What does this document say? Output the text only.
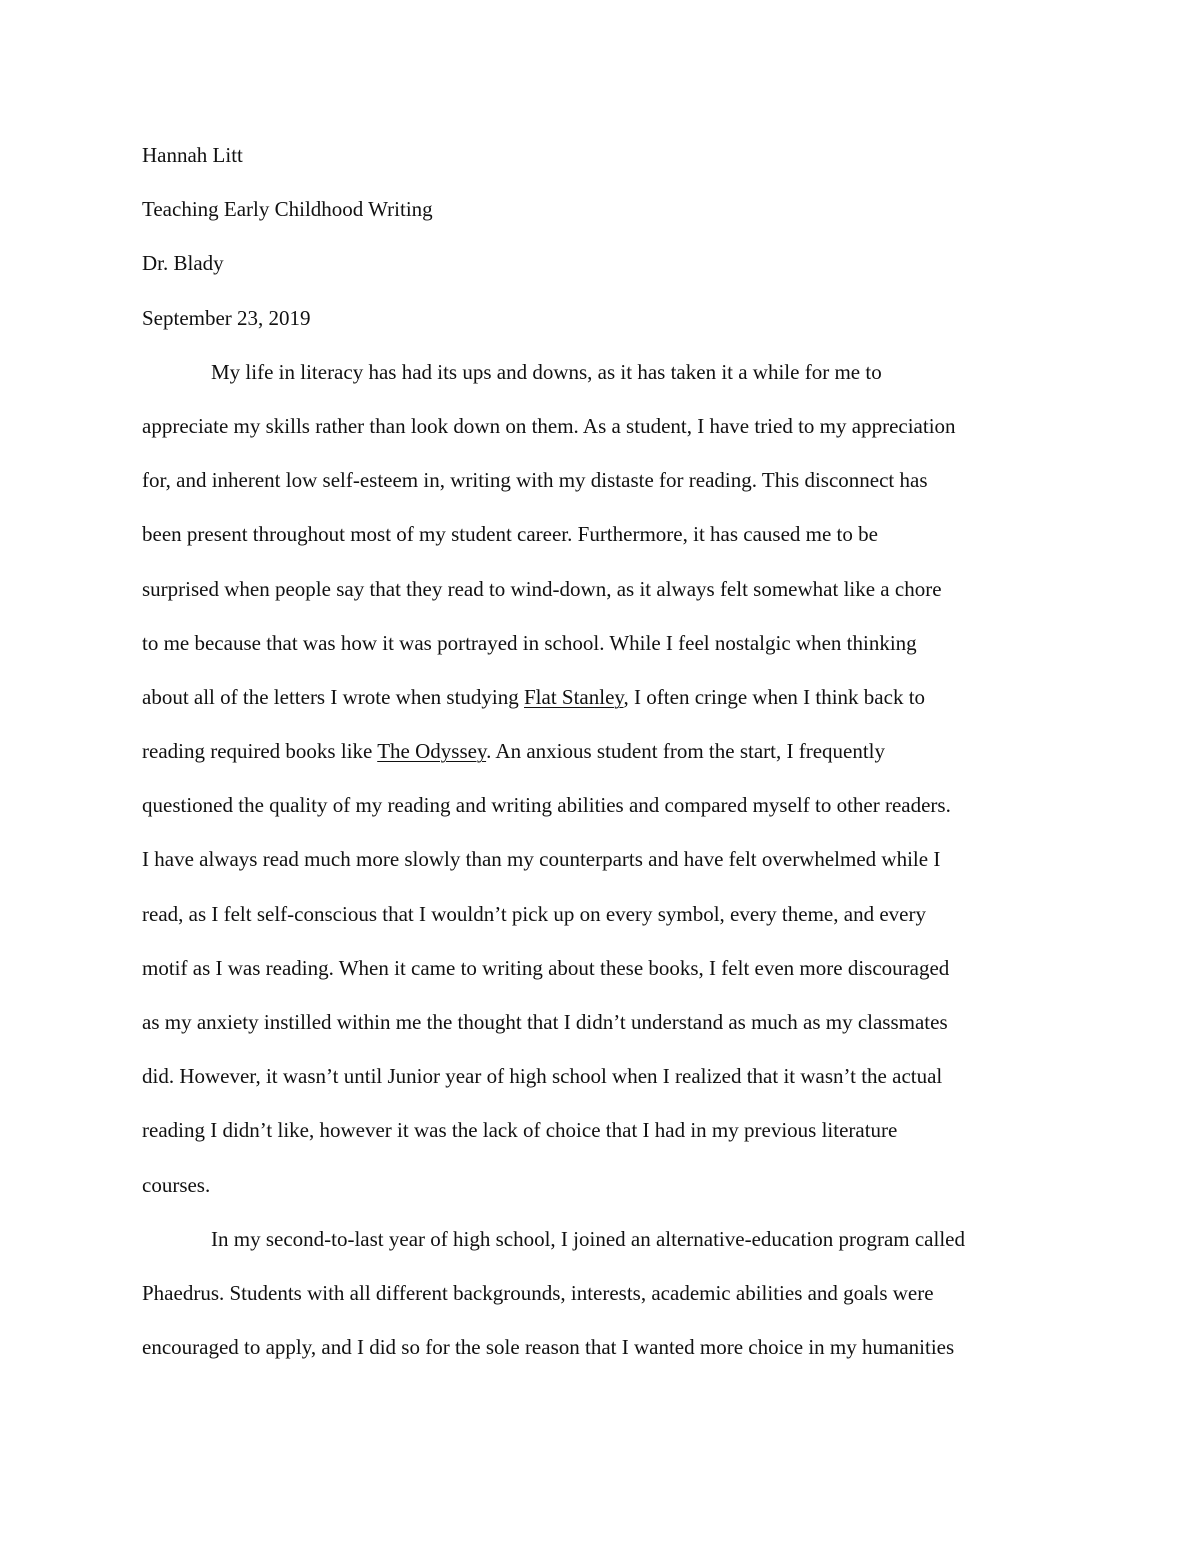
Hannah Litt
Teaching Early Childhood Writing
Dr. Blady
September 23, 2019
My life in literacy has had its ups and downs, as it has taken it a while for me to
appreciate my skills rather than look down on them. As a student, I have tried to my appreciation
for, and inherent low self-esteem in, writing with my distaste for reading. This disconnect has
been present throughout most of my student career. Furthermore, it has caused me to be
surprised when people say that they read to wind-down, as it always felt somewhat like a chore
to me because that was how it was portrayed in school. While I feel nostalgic when thinking
about all of the letters I wrote when studying Flat Stanley, I often cringe when I think back to
reading required books like The Odyssey. An anxious student from the start, I frequently
questioned the quality of my reading and writing abilities and compared myself to other readers.
I have always read much more slowly than my counterparts and have felt overwhelmed while I
read, as I felt self-conscious that I wouldn’t pick up on every symbol, every theme, and every
motif as I was reading. When it came to writing about these books, I felt even more discouraged
as my anxiety instilled within me the thought that I didn’t understand as much as my classmates
did. However, it wasn’t until Junior year of high school when I realized that it wasn’t the actual
reading I didn’t like, however it was the lack of choice that I had in my previous literature
courses.
In my second-to-last year of high school, I joined an alternative-education program called
Phaedrus. Students with all different backgrounds, interests, academic abilities and goals were
encouraged to apply, and I did so for the sole reason that I wanted more choice in my humanities
